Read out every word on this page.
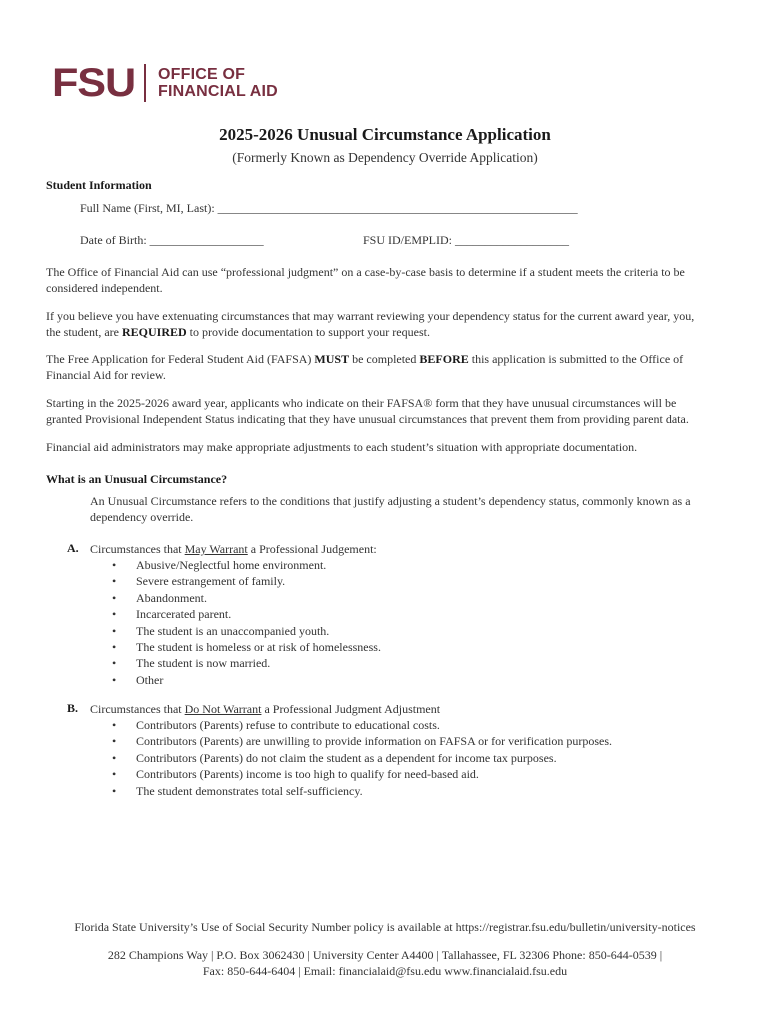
FSU OFFICE OF
FINANCIAL AID
2025-2026 Unusual Circumstance Application
(Formerly Known as Dependency Override Application)
Student Information
Full Name (First, MI, Last): ____________________________________________________________
Date of Birth: ___________________	FSU ID/EMPLID: ___________________

The Office of Financial Aid can use “professional judgment” on a case-by-case basis to determine if a student meets the criteria to be considered independent.

If you believe you have extenuating circumstances that may warrant reviewing your dependency status for the current award year, you, the student, are REQUIRED to provide documentation to support your request.

The Free Application for Federal Student Aid (FAFSA) MUST be completed BEFORE this application is submitted to the Office of Financial Aid for review.

Starting in the 2025-2026 award year, applicants who indicate on their FAFSA® form that they have unusual circumstances will be granted Provisional Independent Status indicating that they have unusual circumstances that prevent them from providing parent data.

Financial aid administrators may make appropriate adjustments to each student’s situation with appropriate documentation.

What is an Unusual Circumstance?

An Unusual Circumstance refers to the conditions that justify adjusting a student’s dependency status, commonly known as a dependency override.

A. Circumstances that May Warrant a Professional Judgement:
• Abusive/Neglectful home environment.
• Severe estrangement of family.
• Abandonment.
• Incarcerated parent.
• The student is an unaccompanied youth.
• The student is homeless or at risk of homelessness.
• The student is now married.
• Other
B. Circumstances that Do Not Warrant a Professional Judgment Adjustment
• Contributors (Parents) refuse to contribute to educational costs.
• Contributors (Parents) are unwilling to provide information on FAFSA or for verification purposes.
• Contributors (Parents) do not claim the student as a dependent for income tax purposes.
• Contributors (Parents) income is too high to qualify for need-based aid.
• The student demonstrates total self-sufficiency.
Florida State University’s Use of Social Security Number policy is available at https://registrar.fsu.edu/bulletin/university-notices
282 Champions Way | P.O. Box 3062430 | University Center A4400 | Tallahassee, FL 32306 Phone: 850-644-0539 |
Fax: 850-644-6404 | Email: financialaid@fsu.edu www.financialaid.fsu.edu
